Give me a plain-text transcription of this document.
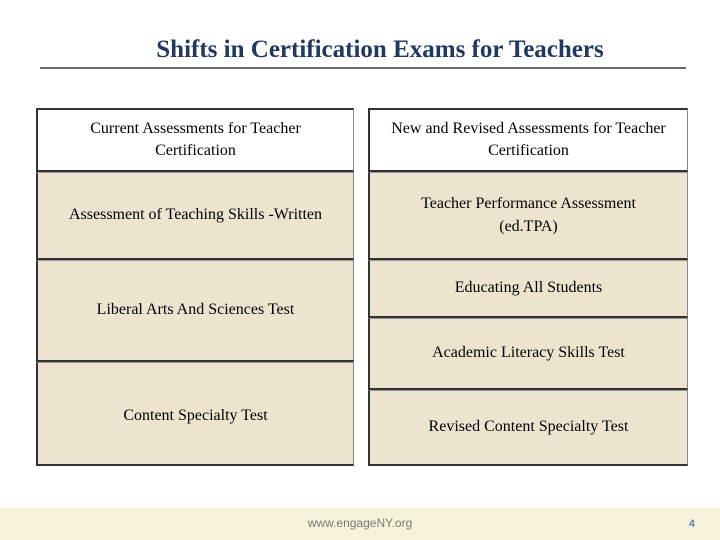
Shifts in Certification Exams for Teachers
Current Assessments for Teacher Certification
Assessment of Teaching Skills -Written
Liberal Arts And Sciences Test
Content Specialty Test
New and Revised Assessments for Teacher Certification
Teacher Performance Assessment (ed.TPA)
Educating All Students
Academic Literacy Skills Test
Revised Content Specialty Test
www.engageNY.org	4
